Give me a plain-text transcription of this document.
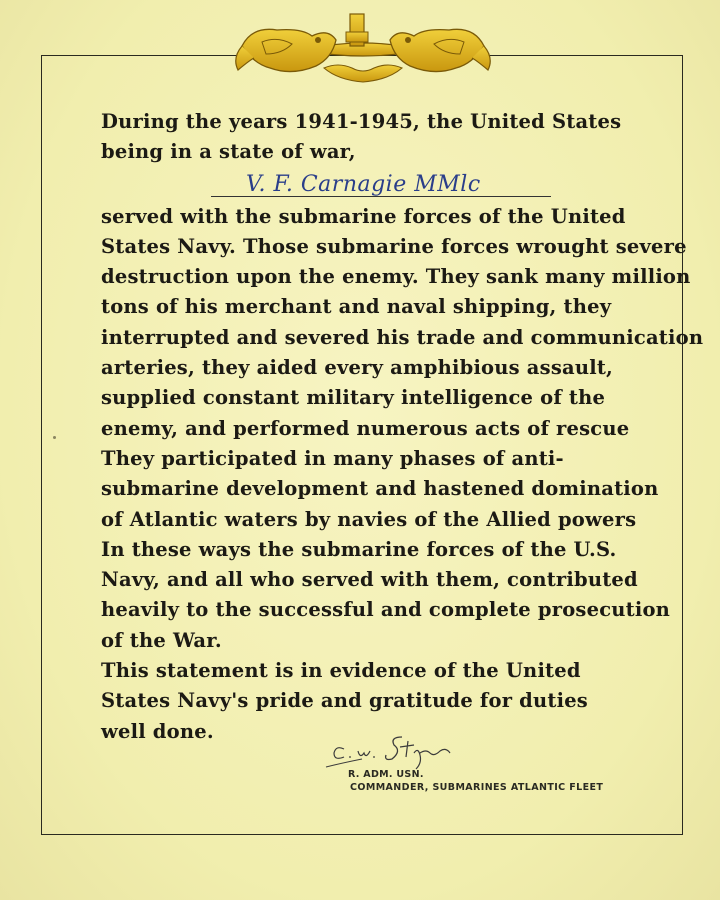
During the years 1941-1945, the United States
being in a state of war,
V. F. Carnagie MMlc
served with the submarine forces of the United
States Navy. Those submarine forces wrought severe
destruction upon the enemy. They sank many million
tons of his merchant and naval shipping, they
interrupted and severed his trade and communication
arteries, they aided every amphibious assault,
supplied constant military intelligence of the
enemy, and performed numerous acts of rescue
They participated in many phases of anti-
submarine development and hastened domination
of Atlantic waters by navies of the Allied powers
In these ways the submarine forces of the U.S.
Navy, and all who served with them, contributed
heavily to the successful and complete prosecution
of the War.
This statement is in evidence of the United
States Navy's pride and gratitude for duties
well done.
R. ADM. USN.
COMMANDER, SUBMARINES ATLANTIC FLEET
